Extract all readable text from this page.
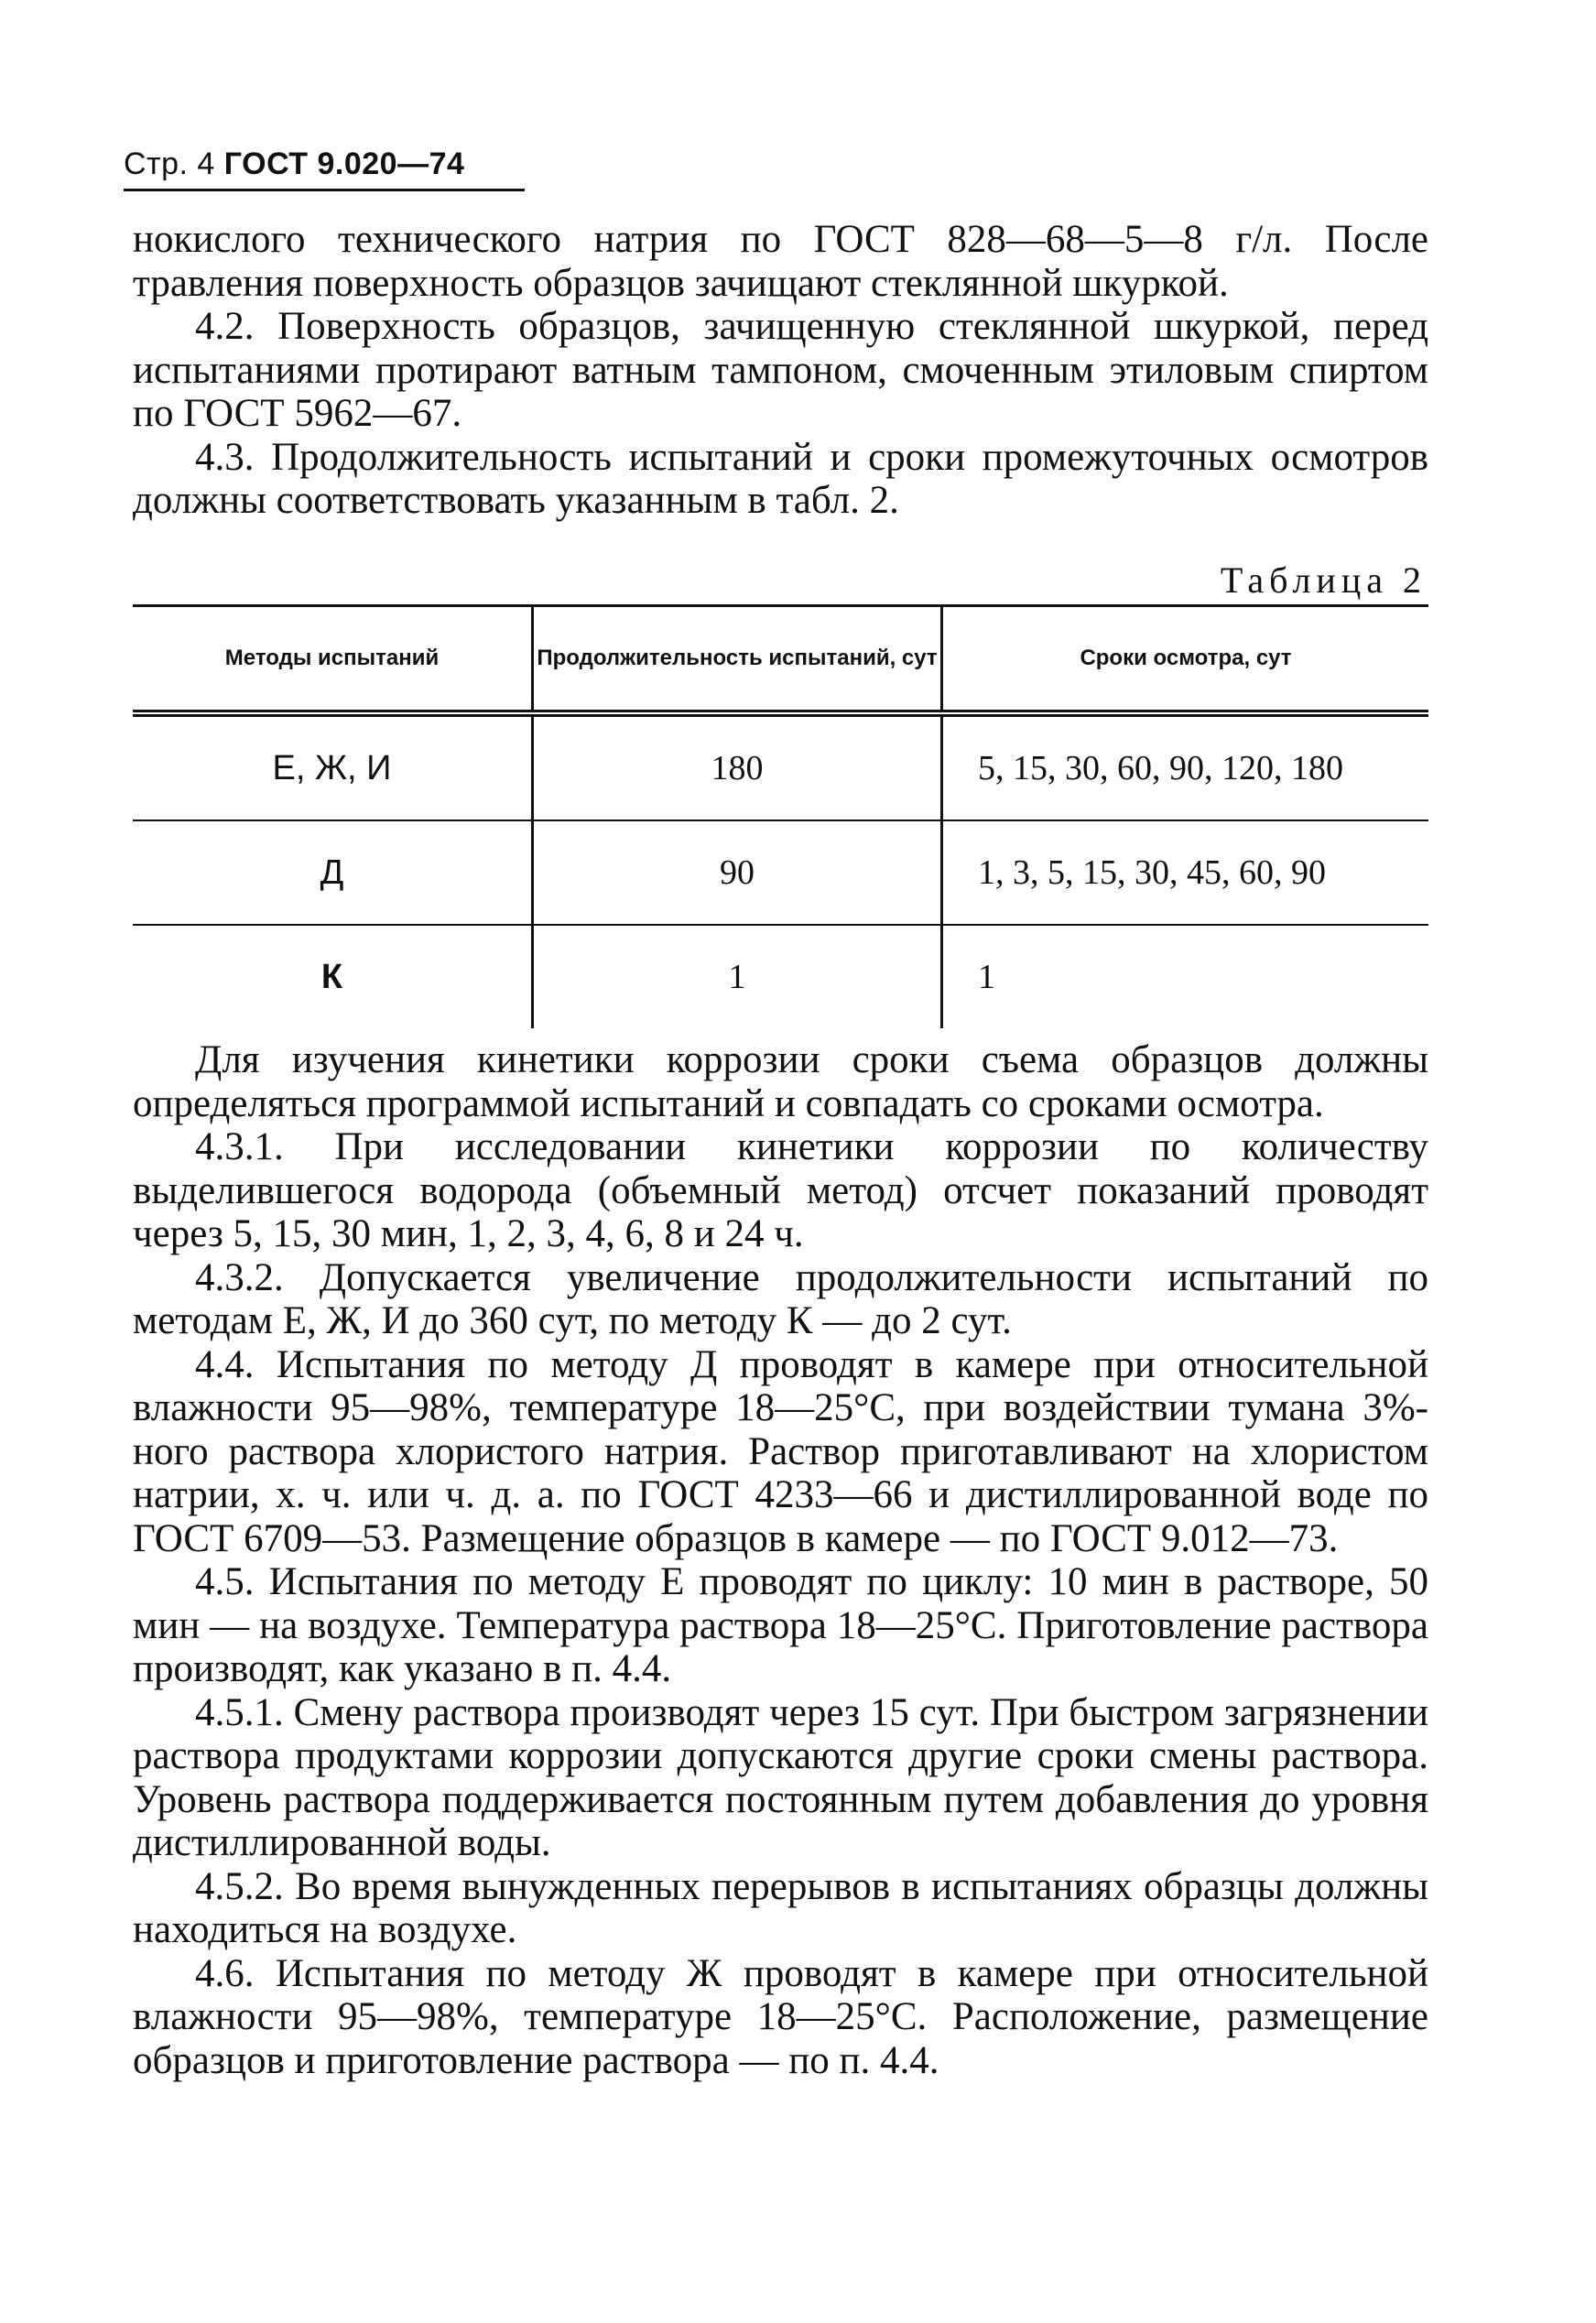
Стр. 4 ГОСТ 9.020—74

нокислого технического натрия по ГОСТ 828—68—5—8 г/л. После травления поверхность образцов зачищают стеклянной шкуркой.

4.2. Поверхность образцов, зачищенную стеклянной шкуркой, перед испытаниями протирают ватным тампоном, смоченным этиловым спиртом по ГОСТ 5962—67.

4.3. Продолжительность испытаний и сроки промежуточных осмотров должны соответствовать указанным в табл. 2.

Таблица 2
Методы испытаний	Продолжительность испытаний, сут	Сроки осмотра, сут
Е, Ж, И	180	5, 15, 30, 60, 90, 120, 180
Д	90	1, 3, 5, 15, 30, 45, 60, 90
К	1	1

Для изучения кинетики коррозии сроки съема образцов должны определяться программой испытаний и совпадать со сроками осмотра.

4.3.1. При исследовании кинетики коррозии по количеству выделившегося водорода (объемный метод) отсчет показаний проводят через 5, 15, 30 мин, 1, 2, 3, 4, 6, 8 и 24 ч.

4.3.2. Допускается увеличение продолжительности испытаний по методам Е, Ж, И до 360 сут, по методу К — до 2 сут.

4.4. Испытания по методу Д проводят в камере при относительной влажности 95—98%, температуре 18—25°С, при воздействии тумана 3%-ного раствора хлористого натрия. Раствор приготавливают на хлористом натрии, х. ч. или ч. д. а. по ГОСТ 4233—66 и дистиллированной воде по ГОСТ 6709—53. Размещение образцов в камере — по ГОСТ 9.012—73.

4.5. Испытания по методу Е проводят по циклу: 10 мин в растворе, 50 мин — на воздухе. Температура раствора 18—25°С. Приготовление раствора производят, как указано в п. 4.4.

4.5.1. Смену раствора производят через 15 сут. При быстром загрязнении раствора продуктами коррозии допускаются другие сроки смены раствора. Уровень раствора поддерживается постоянным путем добавления до уровня дистиллированной воды.

4.5.2. Во время вынужденных перерывов в испытаниях образцы должны находиться на воздухе.

4.6. Испытания по методу Ж проводят в камере при относительной влажности 95—98%, температуре 18—25°С. Расположение, размещение образцов и приготовление раствора — по п. 4.4.
